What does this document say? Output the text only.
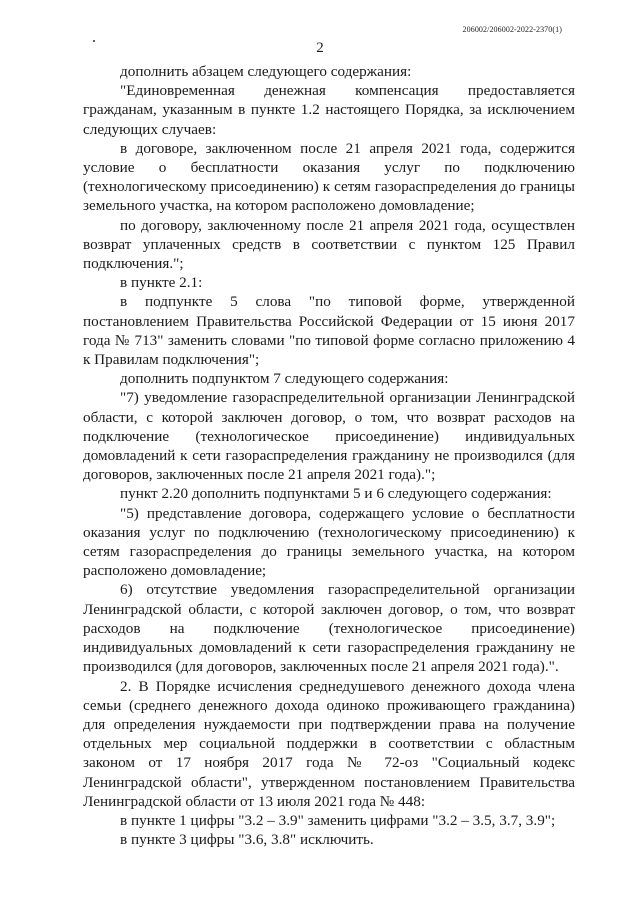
206002/206002-2022-2370(1)
2

дополнить абзацем следующего содержания:

"Единовременная денежная компенсация предоставляется гражданам, указанным в пункте 1.2 настоящего Порядка, за исключением следующих случаев:

в договоре, заключенном после 21 апреля 2021 года, содержится условие о бесплатности оказания услуг по подключению (технологическому присоединению) к сетям газораспределения до границы земельного участка, на котором расположено домовладение;

по договору, заключенному после 21 апреля 2021 года, осуществлен возврат уплаченных средств в соответствии с пунктом 125 Правил подключения.";

в пункте 2.1:

в подпункте 5 слова "по типовой форме, утвержденной постановлением Правительства Российской Федерации от 15 июня 2017 года № 713" заменить словами "по типовой форме согласно приложению 4 к Правилам подключения";

дополнить подпунктом 7 следующего содержания:

"7) уведомление газораспределительной организации Ленинградской области, с которой заключен договор, о том, что возврат расходов на подключение (технологическое присоединение) индивидуальных домовладений к сети газораспределения гражданину не производился (для договоров, заключенных после 21 апреля 2021 года).";

пункт 2.20 дополнить подпунктами 5 и 6 следующего содержания:

"5) представление договора, содержащего условие о бесплатности оказания услуг по подключению (технологическому присоединению) к сетям газораспределения до границы земельного участка, на котором расположено домовладение;

6) отсутствие уведомления газораспределительной организации Ленинградской области, с которой заключен договор, о том, что возврат расходов на подключение (технологическое присоединение) индивидуальных домовладений к сети газораспределения гражданину не производился (для договоров, заключенных после 21 апреля 2021 года).".

2. В Порядке исчисления среднедушевого денежного дохода члена семьи (среднего денежного дохода одиноко проживающего гражданина) для определения нуждаемости при подтверждении права на получение отдельных мер социальной поддержки в соответствии с областным законом от 17 ноября 2017 года № 72-оз "Социальный кодекс Ленинградской области", утвержденном постановлением Правительства Ленинградской области от 13 июля 2021 года № 448:

в пункте 1 цифры "3.2 – 3.9" заменить цифрами "3.2 – 3.5, 3.7, 3.9";

в пункте 3 цифры "3.6, 3.8" исключить.
